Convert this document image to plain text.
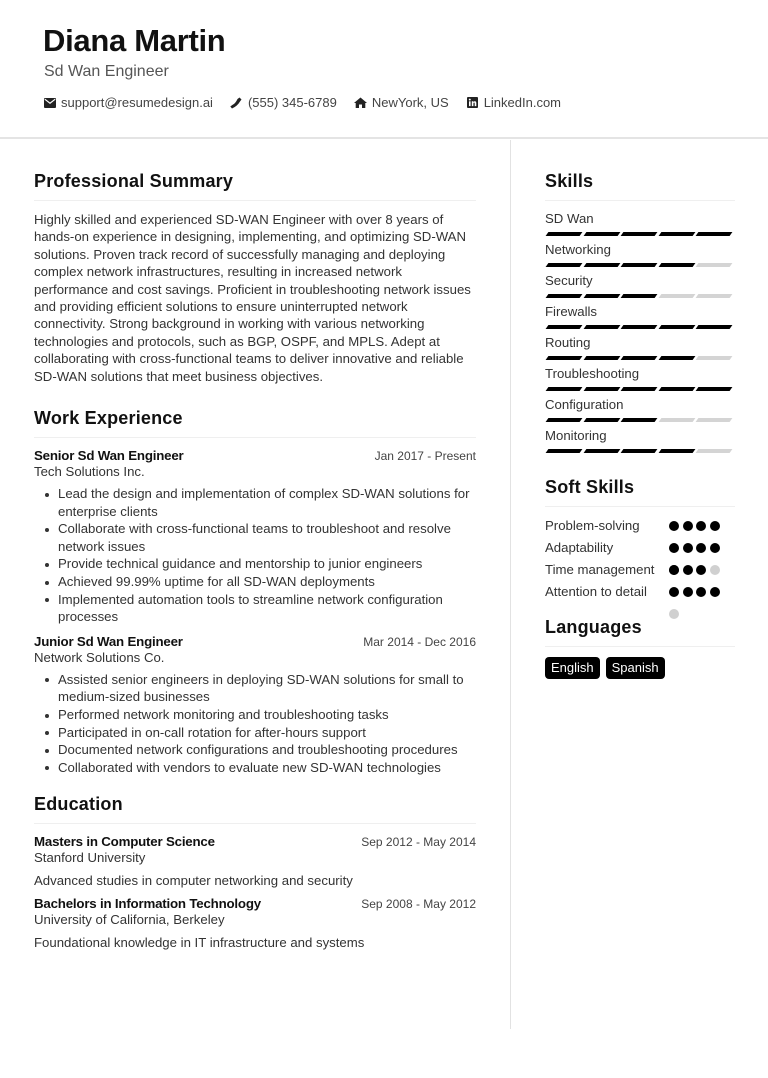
Diana Martin
Sd Wan Engineer
support@resumedesign.ai	(555) 345-6789	NewYork, US	LinkedIn.com
Professional Summary
Highly skilled and experienced SD-WAN Engineer with over 8 years of hands-on experience in designing, implementing, and optimizing SD-WAN solutions. Proven track record of successfully managing and deploying complex network infrastructures, resulting in increased network performance and cost savings. Proficient in troubleshooting network issues and providing efficient solutions to ensure uninterrupted network connectivity. Strong background in working with various networking technologies and protocols, such as BGP, OSPF, and MPLS. Adept at collaborating with cross-functional teams to deliver innovative and reliable SD-WAN solutions that meet business objectives.
Work Experience
Senior Sd Wan Engineer	Jan 2017 - Present
Tech Solutions Inc.
Lead the design and implementation of complex SD-WAN solutions for enterprise clients
Collaborate with cross-functional teams to troubleshoot and resolve network issues
Provide technical guidance and mentorship to junior engineers
Achieved 99.99% uptime for all SD-WAN deployments
Implemented automation tools to streamline network configuration processes
Junior Sd Wan Engineer	Mar 2014 - Dec 2016
Network Solutions Co.
Assisted senior engineers in deploying SD-WAN solutions for small to medium-sized businesses
Performed network monitoring and troubleshooting tasks
Participated in on-call rotation for after-hours support
Documented network configurations and troubleshooting procedures
Collaborated with vendors to evaluate new SD-WAN technologies
Education
Masters in Computer Science	Sep 2012 - May 2014
Stanford University
Advanced studies in computer networking and security
Bachelors in Information Technology	Sep 2008 - May 2012
University of California, Berkeley
Foundational knowledge in IT infrastructure and systems
Skills
SD Wan
Networking
Security
Firewalls
Routing
Troubleshooting
Configuration
Monitoring
Soft Skills
Problem-solving
Adaptability
Time management
Attention to detail
Languages
English	Spanish
